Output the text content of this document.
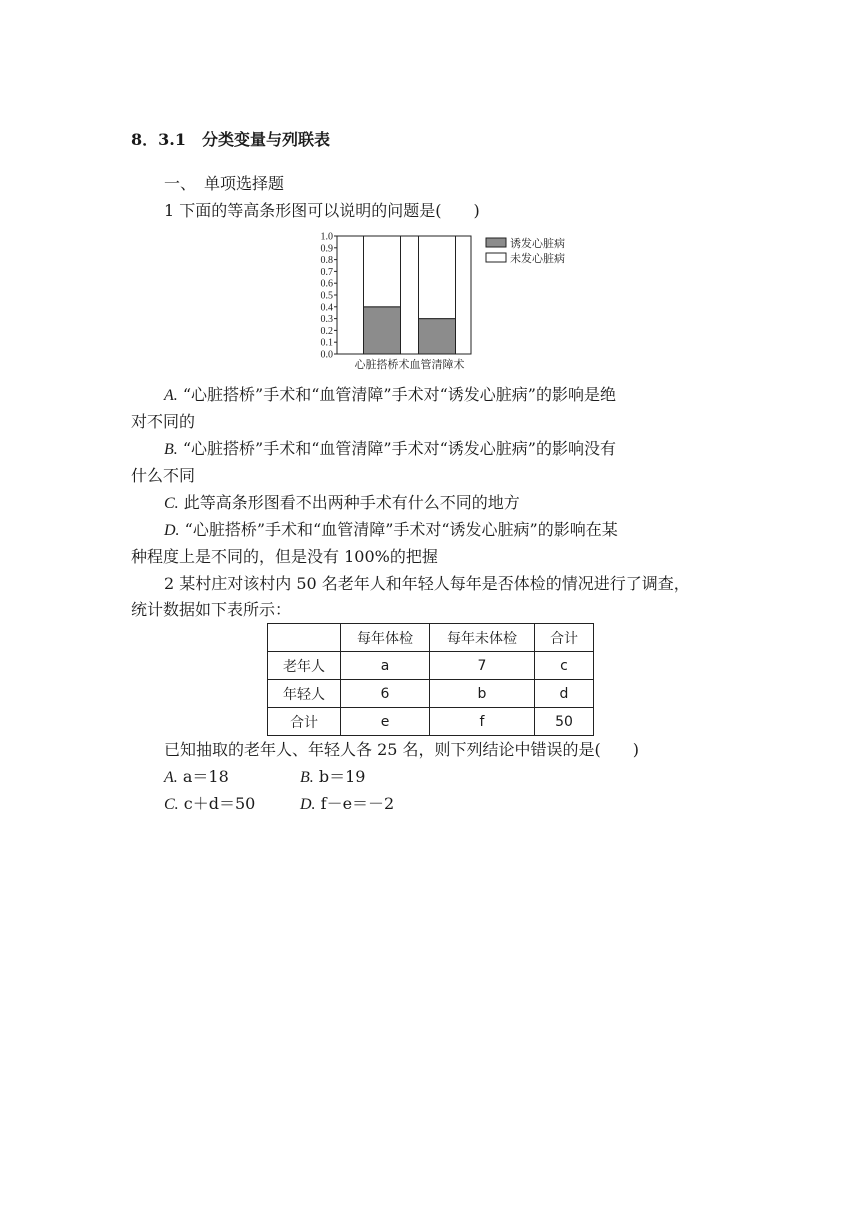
8．3.1　分类变量与列联表
一、　单项选择题
1 下面的等高条形图可以说明的问题是(　　)
0.0
0.1
0.2
0.3
0.4
0.5
0.6
0.7
0.8
0.9
1.0
心脏搭桥术 血管清障术
诱发心脏病
未发心脏病
A. “心脏搭桥”手术和“血管清障”手术对“诱发心脏病”的影响是绝
对不同的
B. “心脏搭桥”手术和“血管清障”手术对“诱发心脏病”的影响没有
什么不同
C. 此等高条形图看不出两种手术有什么不同的地方
D. “心脏搭桥”手术和“血管清障”手术对“诱发心脏病”的影响在某
种程度上是不同的，但是没有 100%的把握
2 某村庄对该村内 50 名老年人和年轻人每年是否体检的情况进行了调查，
统计数据如下表所示：
	每年体检	每年未体检	合计
老年人	a	7	c
年轻人	6	b	d
合计	e	f	50
已知抽取的老年人、年轻人各 25 名，则下列结论中错误的是(　　)
A. a＝18	B. b＝19
C. c＋d＝50	D. f－e＝－2
